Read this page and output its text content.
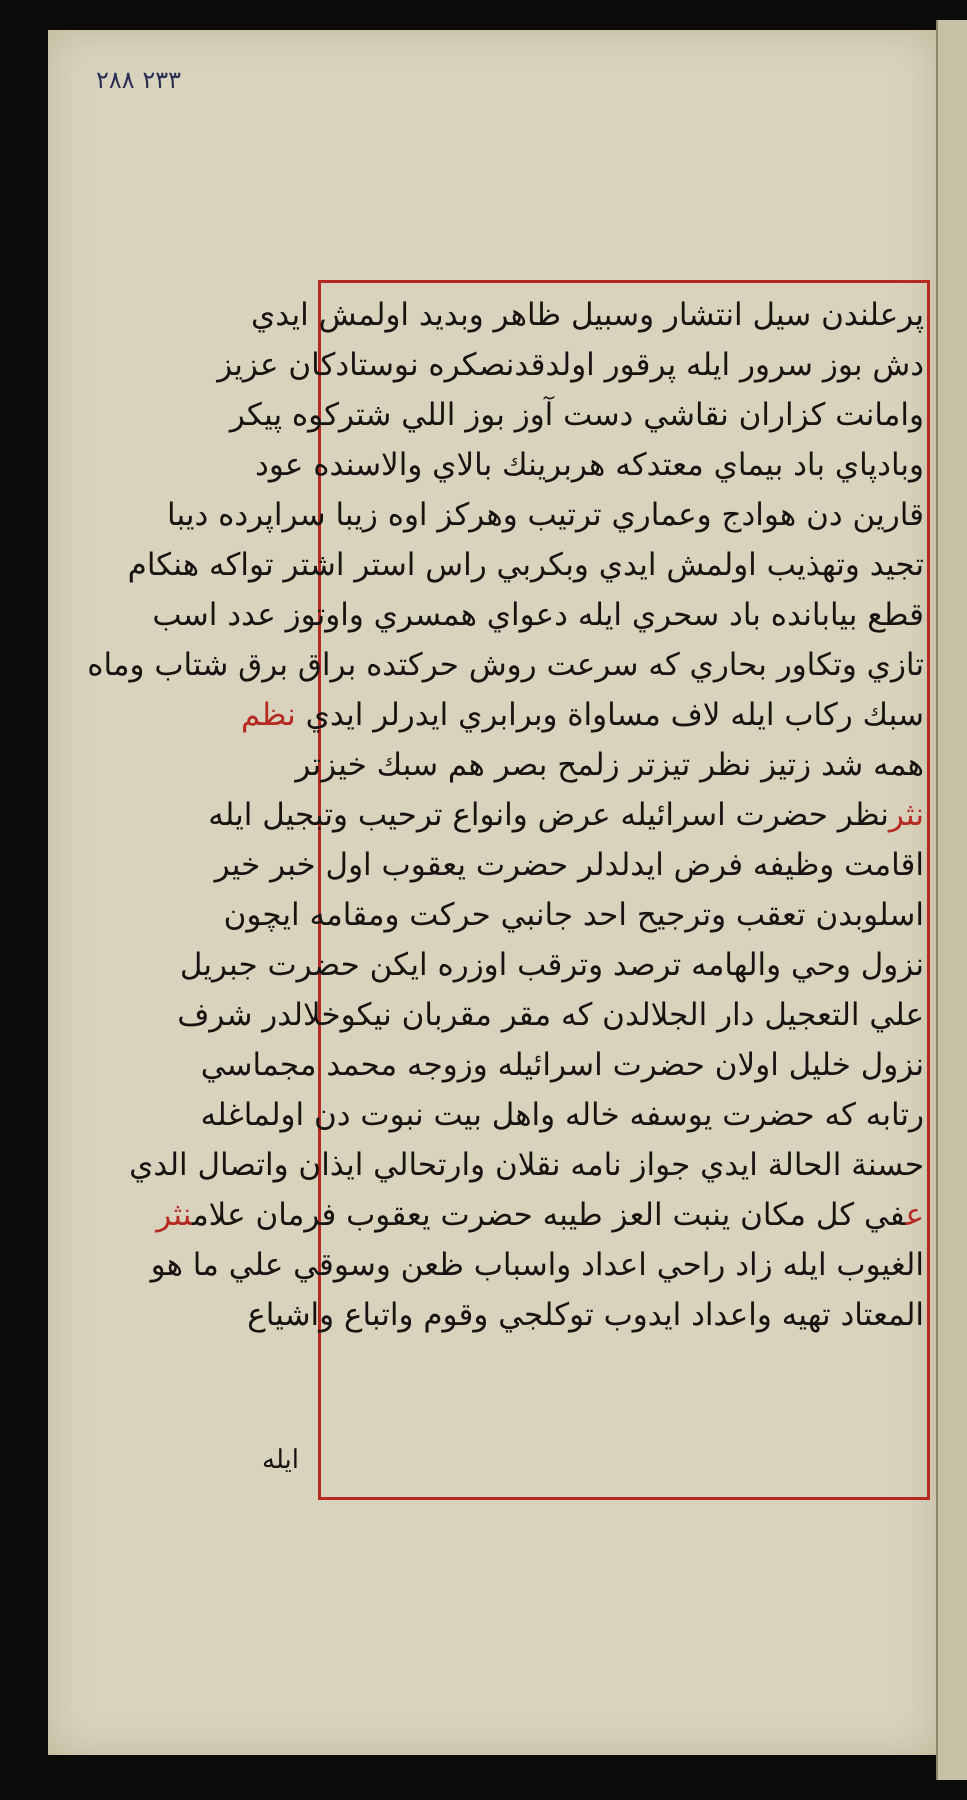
٢٣٣ ٢٨٨
پرعلندن سيل انتشار وسبيل ظاهر وبديد اولمش ايدي
دش بوز سرور ايله پرقور اولدقدنصكره نوستادكان عزيز
وامانت كزاران نقاشي دست آوز بوز اللي شتركوه پيكر
وبادپاي باد بيماي معتدكه هربرينك بالاي والاسنده عود
قارين دن هوادج وعماري ترتيب وهركز اوه زيبا سراپرده ديبا
تجيد وتهذيب اولمش ايدي وبكربي راس استر اشتر تواكه هنكام
قطع بيابانده باد سحري ايله دعواي همسري واوتوز عدد اسب
تازي وتكاور بحاري كه سرعت روش حركتده براق برق شتاب وماه
سبك ركاب ايله لاف مساواة وبرابري ايدرلر ايدي نظم
همه شد زتيز نظر تيزتر زلمح بصر هم سبك خيزتر
نثرنظر حضرت اسرائيله عرض وانواع ترحيب وتبجيل ايله
اقامت وظيفه فرض ايدلدلر حضرت يعقوب اول خبر خير
اسلوبدن تعقب وترجيح احد جانبي حركت ومقامه ايچون
نزول وحي والهامه ترصد وترقب اوزره ايكن حضرت جبريل
علي التعجيل دار الجلالدن كه مقر مقربان نيكوخلالدر شرف
نزول خليل اولان حضرت اسرائيله وزوجه محمد مجماسي
رتابه كه حضرت يوسفه خاله واهل بيت نبوت دن اولماغله
حسنة الحالة ايدي جواز نامه نقلان وارتحالي ايذان واتصال الدي
عفي كل مكان ينبت العز طيبه حضرت يعقوب فرمان علامنثر
الغيوب ايله زاد راحي اعداد واسباب ظعن وسوقي علي ما هو
المعتاد تهيه واعداد ايدوب توكلجي وقوم واتباع واشياع
ايله
